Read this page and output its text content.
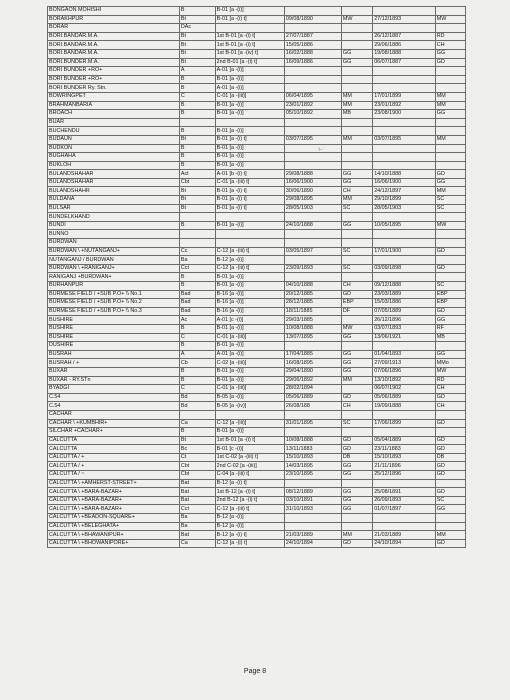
BONGAON MOHISHI	B	B-01 [a -(i)]				
BORAKHPUR	Bt	B-01 [a -(i) t]	09/08/1890	MW	27/12/1893	MW
BORAR	DAc					
BORI.BANDAR.M.A.	Bt	1st B-01 [a -(i) t]	27/07/1887		26/12/1887	RD
BORI.BANDAR.M.A.	Bt	1st B-01 [a -(i) t]	15/05/1886		29/06/1886	CH
BORI.BANDAR.M.A.	Bt	1st B-01 [a -(iv) t]	16/02/1888	GG	19/08/1888	GG
BORI.BUNDER.M.A.	Bt	2nd B-01 [a -(i) t]	16/09/1886	GG	06/07/1887	GD
BORI BUNDER +RO+	A	A-01 [a -(i)]				
BORI BUNDER +RO+	B	B-01 [a -(i)]				
BORI BUNDER Ry. Stn.	B	A-01 [a -(i)]				
BOWRINGPET	C	C-01 [a -(iii)]	06/04/1895	MM	17/01/1899	MM
BRAHMANBARIA	B	B-01 [a -(i)]	23/01/1892	MM	23/01/1892	MM
BROACH	B	B-01 [a -(i)]	05/10/1892	MB	23/08/1900	GG
BUAR						
BUCHENDU	B	B-01 [a -(i)]				
BUDAUN	Bt	B-01 [a -(i) t]	03/07/1895	MM	03/07/1895	MM
BUDKON	B	B-01 [a -(i)]				
BUGHAHA	B	B-01 [a -(i)]				
BUKLOH	B	B-01 [a -(i)]				
BULANDSHAHAR	Act	A-01 [b -(i) t]	29/08/1888	GG	14/10/1888	GD
BULANDSHAHAR	Cbt	C-01 [a -(iii) t]	16/06/1900	GG	16/06/1900	GG
BULANDSHAHR	Bt	B-01 [a -(i) t]	30/06/1890	CH	24/12/1897	MM
BULDANA	Bt	B-01 [a -(i) t]	29/08/1895	MM	29/10/1899	SC
BULSAR	Bt	B-01 [a -(i) t]	28/05/1903	SC	28/05/1903	SC
BUNDELKHAND						
BUNDI	B	B-01 [a -(i)]	24/10/1888	GG	10/05/1895	MW
BUNNO						
BURDWAN						
BURDWAN \ +NUTANGANJ+	Cc	C-12 [a -(iii) t]	03/05/1897	SC	17/01/1900	GD
NUTANGANJ / BURDWAN	Ba	B-12 [a -(i)]				
BURDWAN \ +RANIGANJ+	Cct	C-12 [a -(iii) t]	23/09/1893	SC	03/09/1898	GD
RANIGANJ +BURDWAN+	B	B-01 [a -(i)]				
BURHANPUR	B	B-01 [a -(i)]	04/10/1888	CH	09/12/1888	SC
BURMESE FIELD / +SUB P.O+ \\ No.1	Bad	B-16 [a -(i)]	20/12/1885	GD	23/03/1889	EBP
BURMESE FIELD / +SUB P.O+ \\ No.2	Bad	B-16 [a -(i)]	28/12/1885	EBP	15/03/1886	EBP
BURMESE FIELD / +SUB P.O+ \\ No.3	Bad	B-16 [a -(i)]	18/11/1885	DF	07/05/1889	GD
BUSHIRE	Ac	A-01 [c -(i)]	29/03/1885		26/12/1896	GG
BUSHIRE	B	B-01 [a -(i)]	10/08/1888	MW	03/07/1893	RF
BUSHIRE	C	C-01 [a -(iii)]	13/07/1895	GG	13/06/1921	MB
DUSHIRE	B	B-01 [a -(i)]				
BUSRAH	A	A-01 [a -(i)]	17/04/1885	GG	01/04/1893	GG
BUSRAH / +	Cb	C-02 [a -(iii)]	16/08/1895	GG	27/09/1913	MMo
BUXAR	B	B-01 [a -(i)]	29/04/1890	GG	07/06/1896	MW
BUXAR - RY.STn	B	B-01 [a -(i)]	29/06/1892	MM	13/10/1892	RD
BYADGI	C	C-01 [a -(iii)]	28/02/1894		06/07/1902	CH
C.54	Bd	B-05 [a -(i)]	05/06/1889	GD	05/06/1889	GD
C.54	Bd	B-05 [a -(iv)]	26/08/188	CH	19/09/1888	CH
CACHAR						
CACHAR \ +KUMBHIR+	Ca	C-12 [a -(iii)]	31/01/1895	SC	17/06/1899	GD
SILCHAR +CACHAR+	B	B-01 [a -(i)]				
CALCUTTA	Bt	1st B-01 [a -(i) t]	10/08/1888	GD	05/04/1889	GD
CALCUTTA	Bc	B-01 [c -(i)]	13/11/1883	GD	23/11/1883	GD
CALCUTTA / +	Ct	1st C-02 [a -(iii) t]	15/10/1893	DB	15/10/1893	DB
CALCUTTA / +	Cbt	2nd C-02 [a -(iii)]	14/03/1895	GG	21/11/1896	GD
CALCUTTA / ~	Cbt	C-04 [a -(iii) t]	23/10/1895	GG	25/12/1896	GD
CALCUTTA \ +AMHERST-STREET+	Bat	B-12 [a -(i) t]				
CALCUTTA \ +BARA-BAZAR+	Bat	1st B-12 [a -(i) t]	08/12/1889	GG	25/08/1891	GD
CALCUTTA \ +BARA-BAZAR+	Bat	2nd B-12 [a -(i) t]	03/10/1891	GG	26/09/1893	SC
CALCUTTA \ +BARA-BAZAR+	Cct	C-12 [a -(iii) t]	31/10/1893	GG	01/07/1897	GG
CALCUTTA \ +BEADON-SQUARE+	Ba	B-12 [a -(i)]				
CALCUTTA \ +BELEGHATA+	Ba	B-12 [a -(i)]				
CALCUTTA \ +BHAWANIPUR+	Bat	B-12 [a -(i) t]	21/03/1889	MM	21/03/1889	MM
CALCUTTA \ +BHOWANIPORE+	Ca	C-12 [a -(i) t]	24/10/1894	GD	24/10/1894	GD
'|-- '
Page 8
